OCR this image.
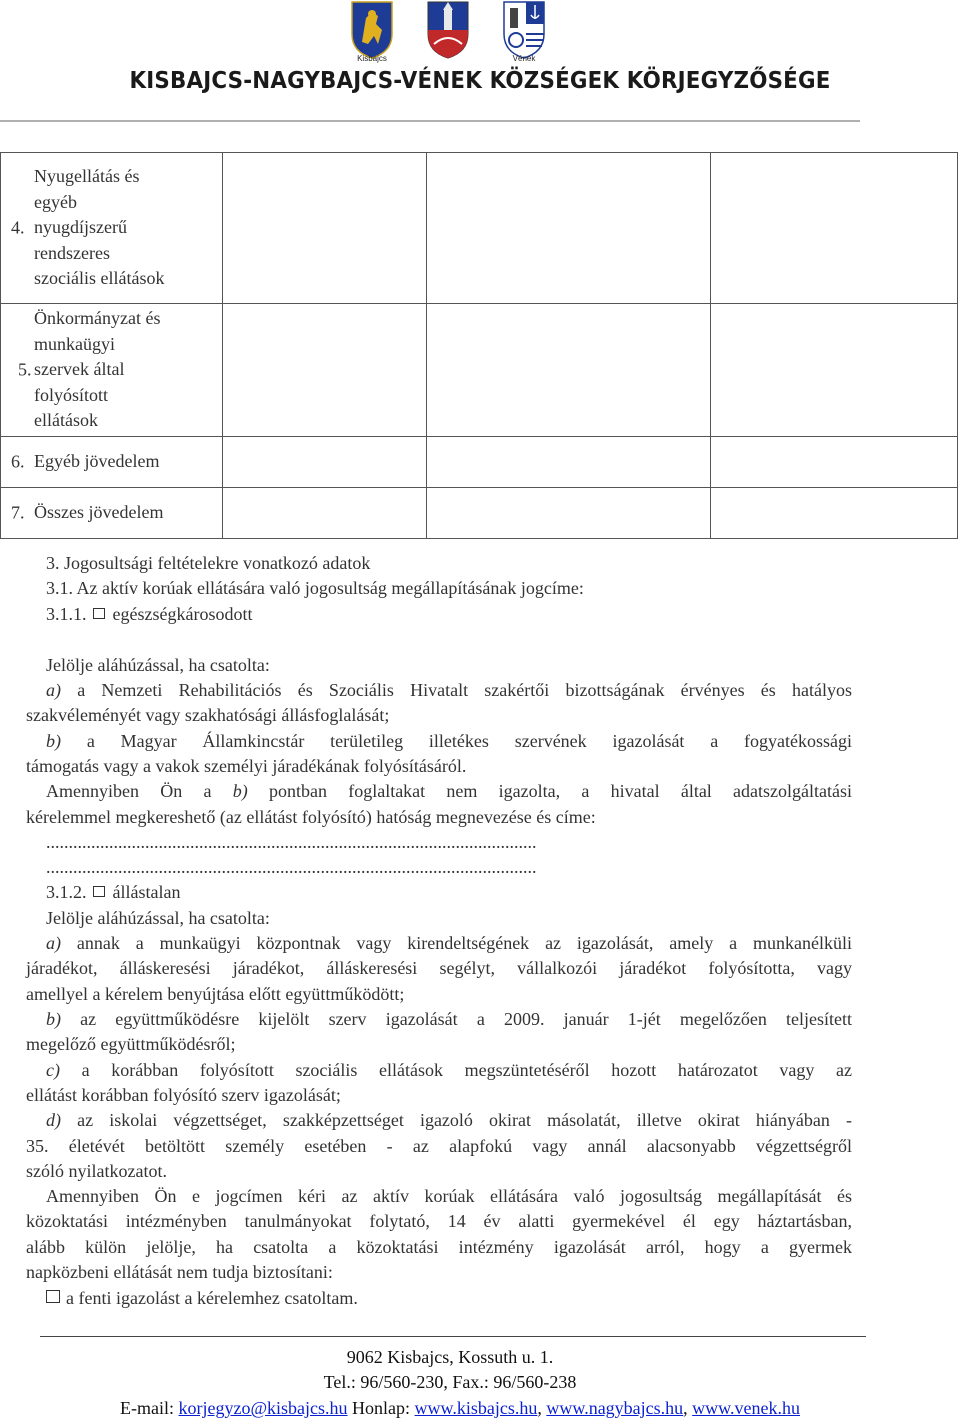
Kisbajcs	Vének
KISBAJCS-NAGYBAJCS-VÉNEK KÖZSÉGEK KÖRJEGYZŐSÉGE
4.
Nyugellátás és egyéb nyugdíjszerű rendszeres szociális ellátások			

5.
Önkormányzat és munkaügyi szervek által folyósított ellátások			

6. Egyéb jövedelem			

7. Összes jövedelem			

3. Jogosultsági feltételekre vonatkozó adatok
3.1. Az aktív korúak ellátására való jogosultság megállapításának jogcíme:
3.1.1. egészségkárosodott
Jelölje aláhúzással, ha csatolta:
a) a Nemzeti Rehabilitációs és Szociális Hivatalt szakértői bizottságának érvényes és hatályos
szakvéleményét vagy szakhatósági állásfoglalását;
b) a Magyar Államkincstár területileg illetékes szervének igazolását a fogyatékossági
támogatás vagy a vakok személyi járadékának folyósításáról.
Amennyiben Ön a b) pontban foglaltakat nem igazolta, a hivatal által adatszolgáltatási
kérelemmel megkereshető (az ellátást folyósító) hatóság megnevezése és címe:
.............................................................................................................
.............................................................................................................
3.1.2. állástalan
Jelölje aláhúzással, ha csatolta:
a) annak a munkaügyi központnak vagy kirendeltségének az igazolását, amely a munkanélküli
járadékot, álláskeresési járadékot, álláskeresési segélyt, vállalkozói járadékot folyósította, vagy
amellyel a kérelem benyújtása előtt együttműködött;
b) az együttműködésre kijelölt szerv igazolását a 2009. január 1-jét megelőzően teljesített
megelőző együttműködésről;
c) a korábban folyósított szociális ellátások megszüntetéséről hozott határozatot vagy az
ellátást korábban folyósító szerv igazolását;
d) az iskolai végzettséget, szakképzettséget igazoló okirat másolatát, illetve okirat hiányában -
35. életévét betöltött személy esetében - az alapfokú vagy annál alacsonyabb végzettségről
szóló nyilatkozatot.
Amennyiben Ön e jogcímen kéri az aktív korúak ellátására való jogosultság megállapítását és
közoktatási intézményben tanulmányokat folytató, 14 év alatti gyermekével él egy háztartásban,
alább külön jelölje, ha csatolta a közoktatási intézmény igazolását arról, hogy a gyermek
napközbeni ellátását nem tudja biztosítani:
a fenti igazolást a kérelemhez csatoltam.
9062 Kisbajcs, Kossuth u. 1.
Tel.: 96/560-230, Fax.: 96/560-238
E-mail: korjegyzo@kisbajcs.hu Honlap: www.kisbajcs.hu, www.nagybajcs.hu, www.venek.hu
